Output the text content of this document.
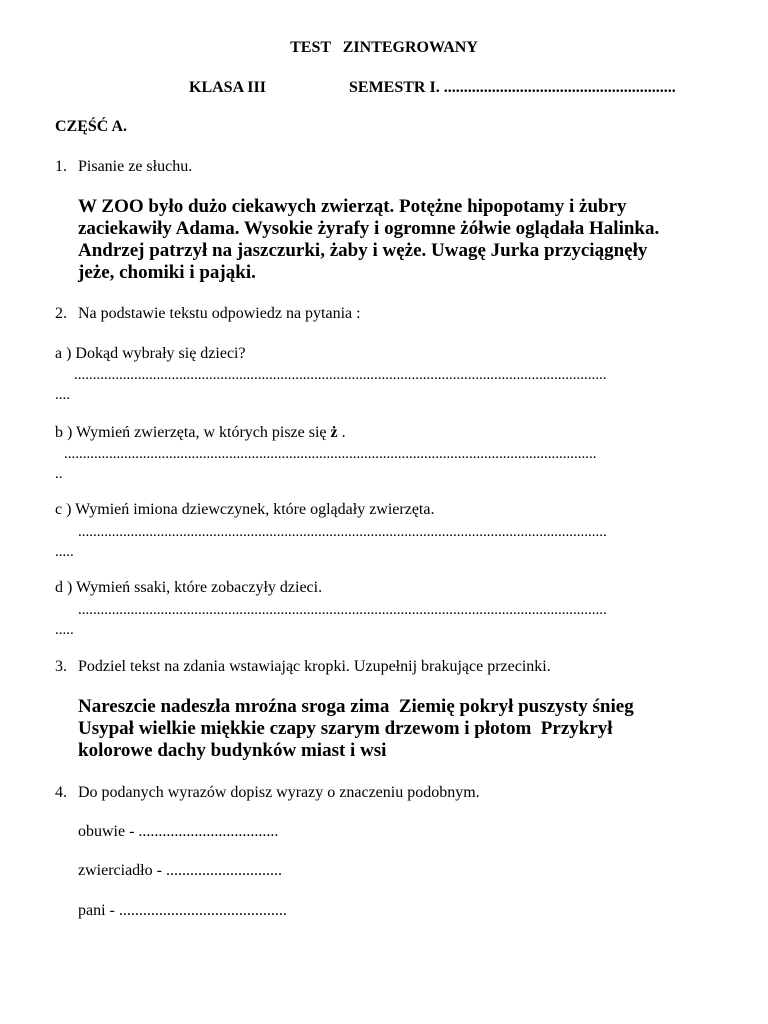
TEST   ZINTEGROWANY
KLASA III	SEMESTR I. ..........................................................
CZĘŚĆ A.
1. Pisanie ze słuchu.
W ZOO było dużo ciekawych zwierząt. Potężne hipopotamy i żubry
zaciekawiły Adama. Wysokie żyrafy i ogromne żółwie oglądała Halinka.
Andrzej patrzył na jaszczurki, żaby i węże. Uwagę Jurka przyciągnęły
jeże, chomiki i pająki.
2. Na podstawie tekstu odpowiedz na pytania :
a ) Dokąd wybrały się dzieci?
..............................................................................................................................................
....
b ) Wymień zwierzęta, w których pisze się ż .
..............................................................................................................................................
..
c ) Wymień imiona dziewczynek, które oglądały zwierzęta.
.............................................................................................................................................
.....
d ) Wymień ssaki, które zobaczyły dzieci.
.............................................................................................................................................
.....
3. Podziel tekst na zdania wstawiając kropki. Uzupełnij brakujące przecinki.
Nareszcie nadeszła mroźna sroga zima  Ziemię pokrył puszysty śnieg
Usypał wielkie miękkie czapy szarym drzewom i płotom  Przykrył
kolorowe dachy budynków miast i wsi
4. Do podanych wyrazów dopisz wyrazy o znaczeniu podobnym.
obuwie - ...................................
zwierciadło - .............................
pani - ..........................................
